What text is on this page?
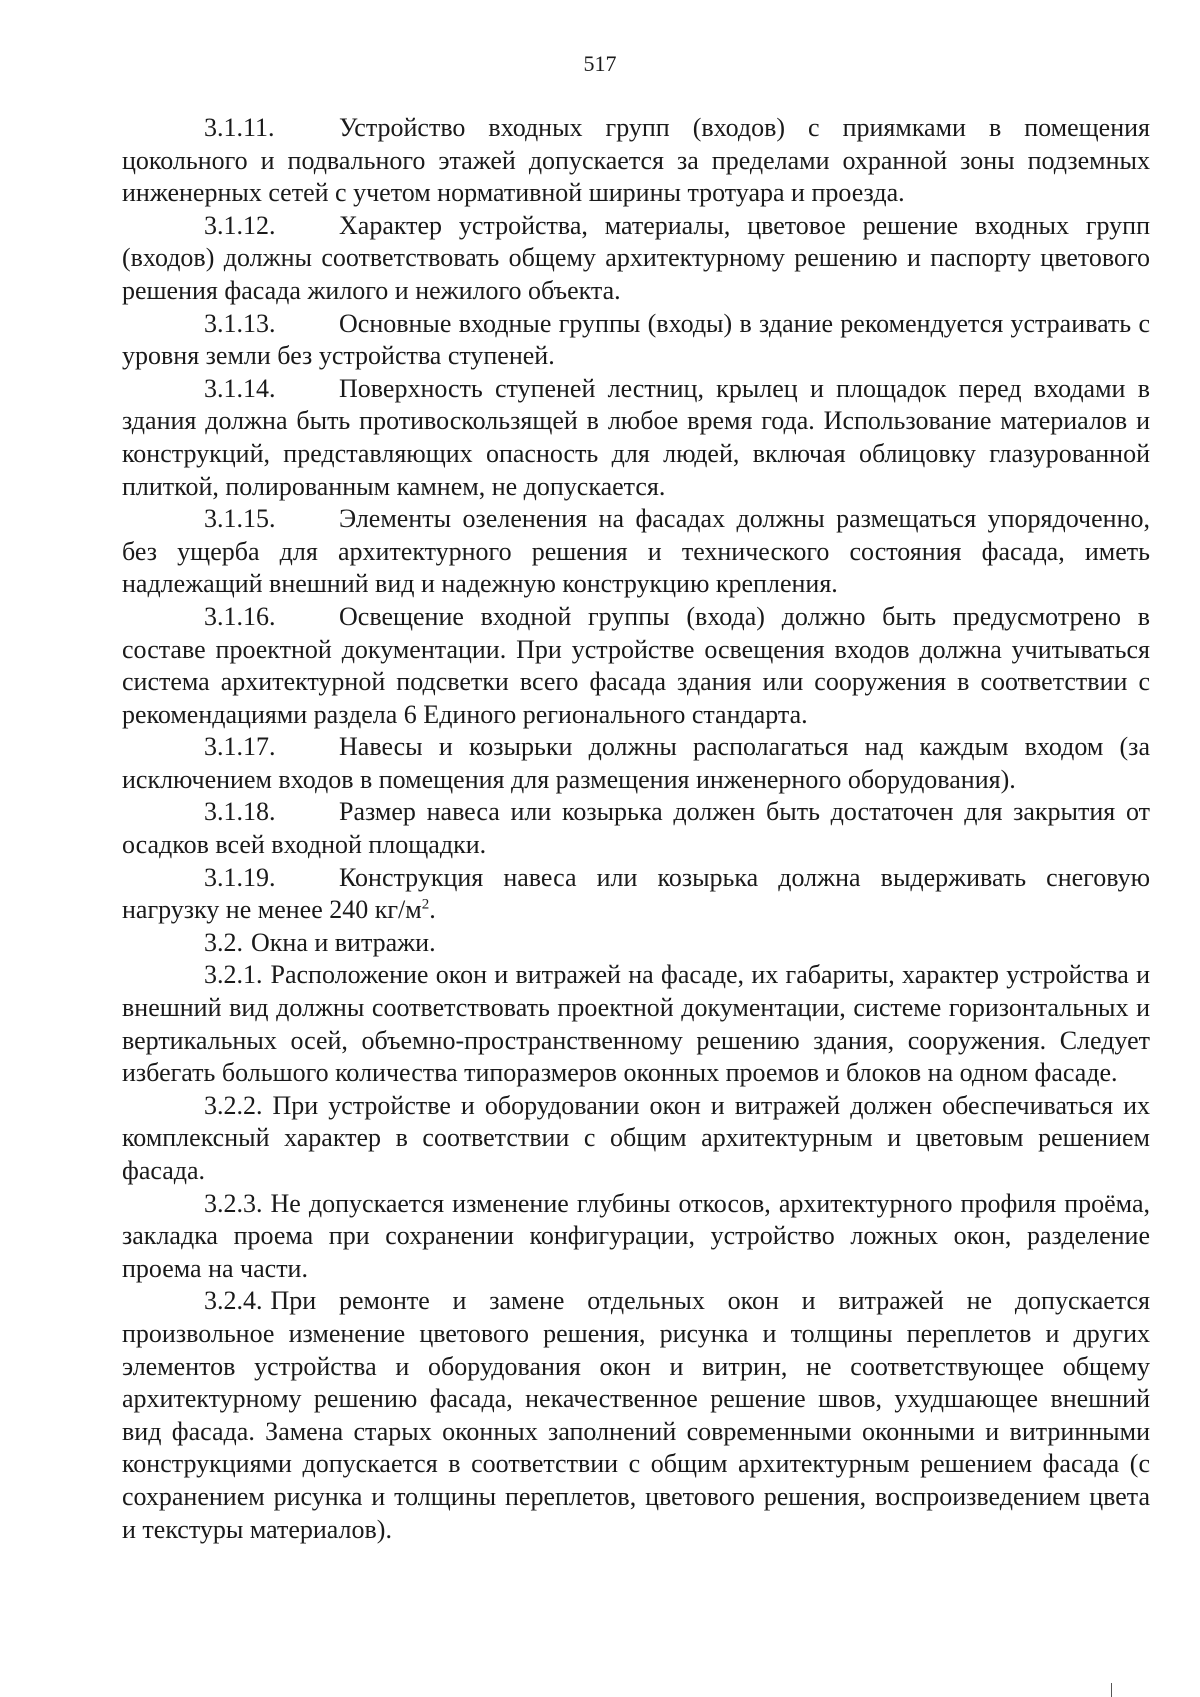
517

3.1.11. Устройство входных групп (входов) с приямками в помещения цокольного и подвального этажей допускается за пределами охранной зоны подземных инженерных сетей с учетом нормативной ширины тротуара и проезда.

3.1.12. Характер устройства, материалы, цветовое решение входных групп (входов) должны соответствовать общему архитектурному решению и паспорту цветового решения фасада жилого и нежилого объекта.

3.1.13. Основные входные группы (входы) в здание рекомендуется устраивать с уровня земли без устройства ступеней.

3.1.14. Поверхность ступеней лестниц, крылец и площадок перед входами в здания должна быть противоскользящей в любое время года. Использование материалов и конструкций, представляющих опасность для людей, включая облицовку глазурованной плиткой, полированным камнем, не допускается.

3.1.15. Элементы озеленения на фасадах должны размещаться упорядоченно, без ущерба для архитектурного решения и технического состояния фасада, иметь надлежащий внешний вид и надежную конструкцию крепления.

3.1.16. Освещение входной группы (входа) должно быть предусмотрено в составе проектной документации. При устройстве освещения входов должна учитываться система архитектурной подсветки всего фасада здания или сооружения в соответствии с рекомендациями раздела 6 Единого регионального стандарта.

3.1.17. Навесы и козырьки должны располагаться над каждым входом (за исключением входов в помещения для размещения инженерного оборудования).

3.1.18. Размер навеса или козырька должен быть достаточен для закрытия от осадков всей входной площадки.

3.1.19. Конструкция навеса или козырька должна выдерживать снеговую нагрузку не менее 240 $кг/м^2$.

3.2. Окна и витражи.

3.2.1. Расположение окон и витражей на фасаде, их габариты, характер устройства и внешний вид должны соответствовать проектной документации, системе горизонтальных и вертикальных осей, объемно-пространственному решению здания, сооружения. Следует избегать большого количества типоразмеров оконных проемов и блоков на одном фасаде.

3.2.2. При устройстве и оборудовании окон и витражей должен обеспечиваться их комплексный характер в соответствии с общим архитектурным и цветовым решением фасада.

3.2.3. Не допускается изменение глубины откосов, архитектурного профиля проёма, закладка проема при сохранении конфигурации, устройство ложных окон, разделение проема на части.

3.2.4. При ремонте и замене отдельных окон и витражей не допускается произвольное изменение цветового решения, рисунка и толщины переплетов и других элементов устройства и оборудования окон и витрин, не соответствующее общему архитектурному решению фасада, некачественное решение швов, ухудшающее внешний вид фасада. Замена старых оконных заполнений современными оконными и витринными конструкциями допускается в соответствии с общим архитектурным решением фасада (с сохранением рисунка и толщины переплетов, цветового решения, воспроизведением цвета и текстуры материалов).
